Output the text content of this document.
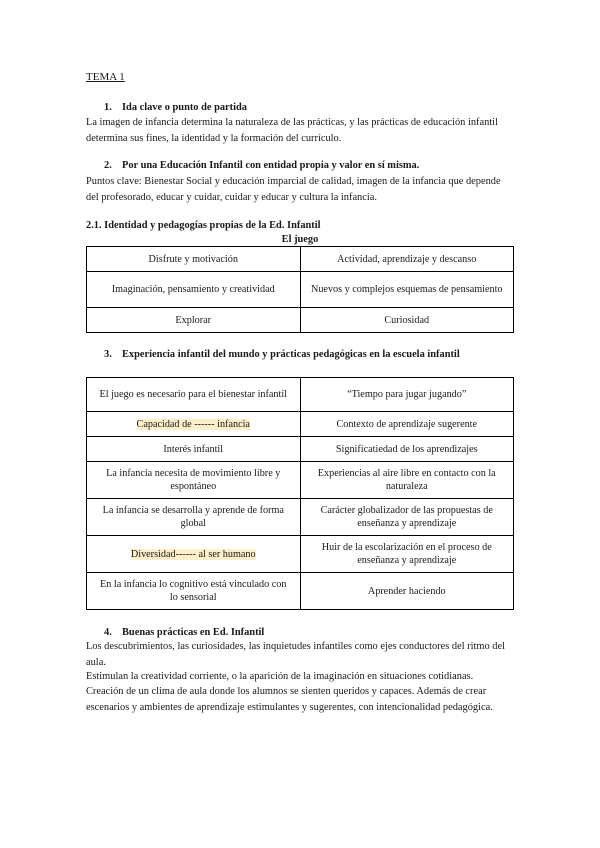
TEMA 1
1. Ida clave o punto de partida
La imagen de infancia determina la naturaleza de las prácticas, y las prácticas de educación infantil determina sus fines, la identidad y la formación del currículo.
2. Por una Educación Infantil con entidad propia y valor en sí misma.
Puntos clave: Bienestar Social y educación imparcial de calidad, imagen de la infancia que depende del profesorado, educar y cuidar, cuidar y educar y cultura la infancia.
2.1. Identidad y pedagogías propias de la Ed. Infantil
El juego
Disfrute y motivación	Actividad, aprendizaje y descanso
Imaginación, pensamiento y creatividad	Nuevos y complejos esquemas de pensamiento
Explorar	Curiosidad
3. Experiencia infantil del mundo y prácticas pedagógicas en la escuela infantil
El juego es necesario para el bienestar infantil	“Tiempo para jugar jugando”
Capacidad de ------ infancia	Contexto de aprendizaje sugerente
Interés infantil	Significatiedad de los aprendizajes
La infancia necesita de movimiento libre y espontáneo	Experiencias al aire libre en contacto con la naturaleza
La infancia se desarrolla y aprende de forma global	Carácter globalizador de las propuestas de enseñanza y aprendizaje
Diversidad------ al ser humano	Huir de la escolarización en el proceso de enseñanza y aprendizaje
En la infancia lo cognitivo está vinculado con lo sensorial	Aprender haciendo
4. Buenas prácticas en Ed. Infantil
Los descubrimientos, las curiosidades, las inquietudes infantiles como ejes conductores del ritmo del aula.
Estimulan la creatividad corriente, o la aparición de la imaginación en situaciones cotidianas.
Creación de un clima de aula donde los alumnos se sienten queridos y capaces. Además de crear escenarios y ambientes de aprendizaje estimulantes y sugerentes, con intencionalidad pedagógica.
